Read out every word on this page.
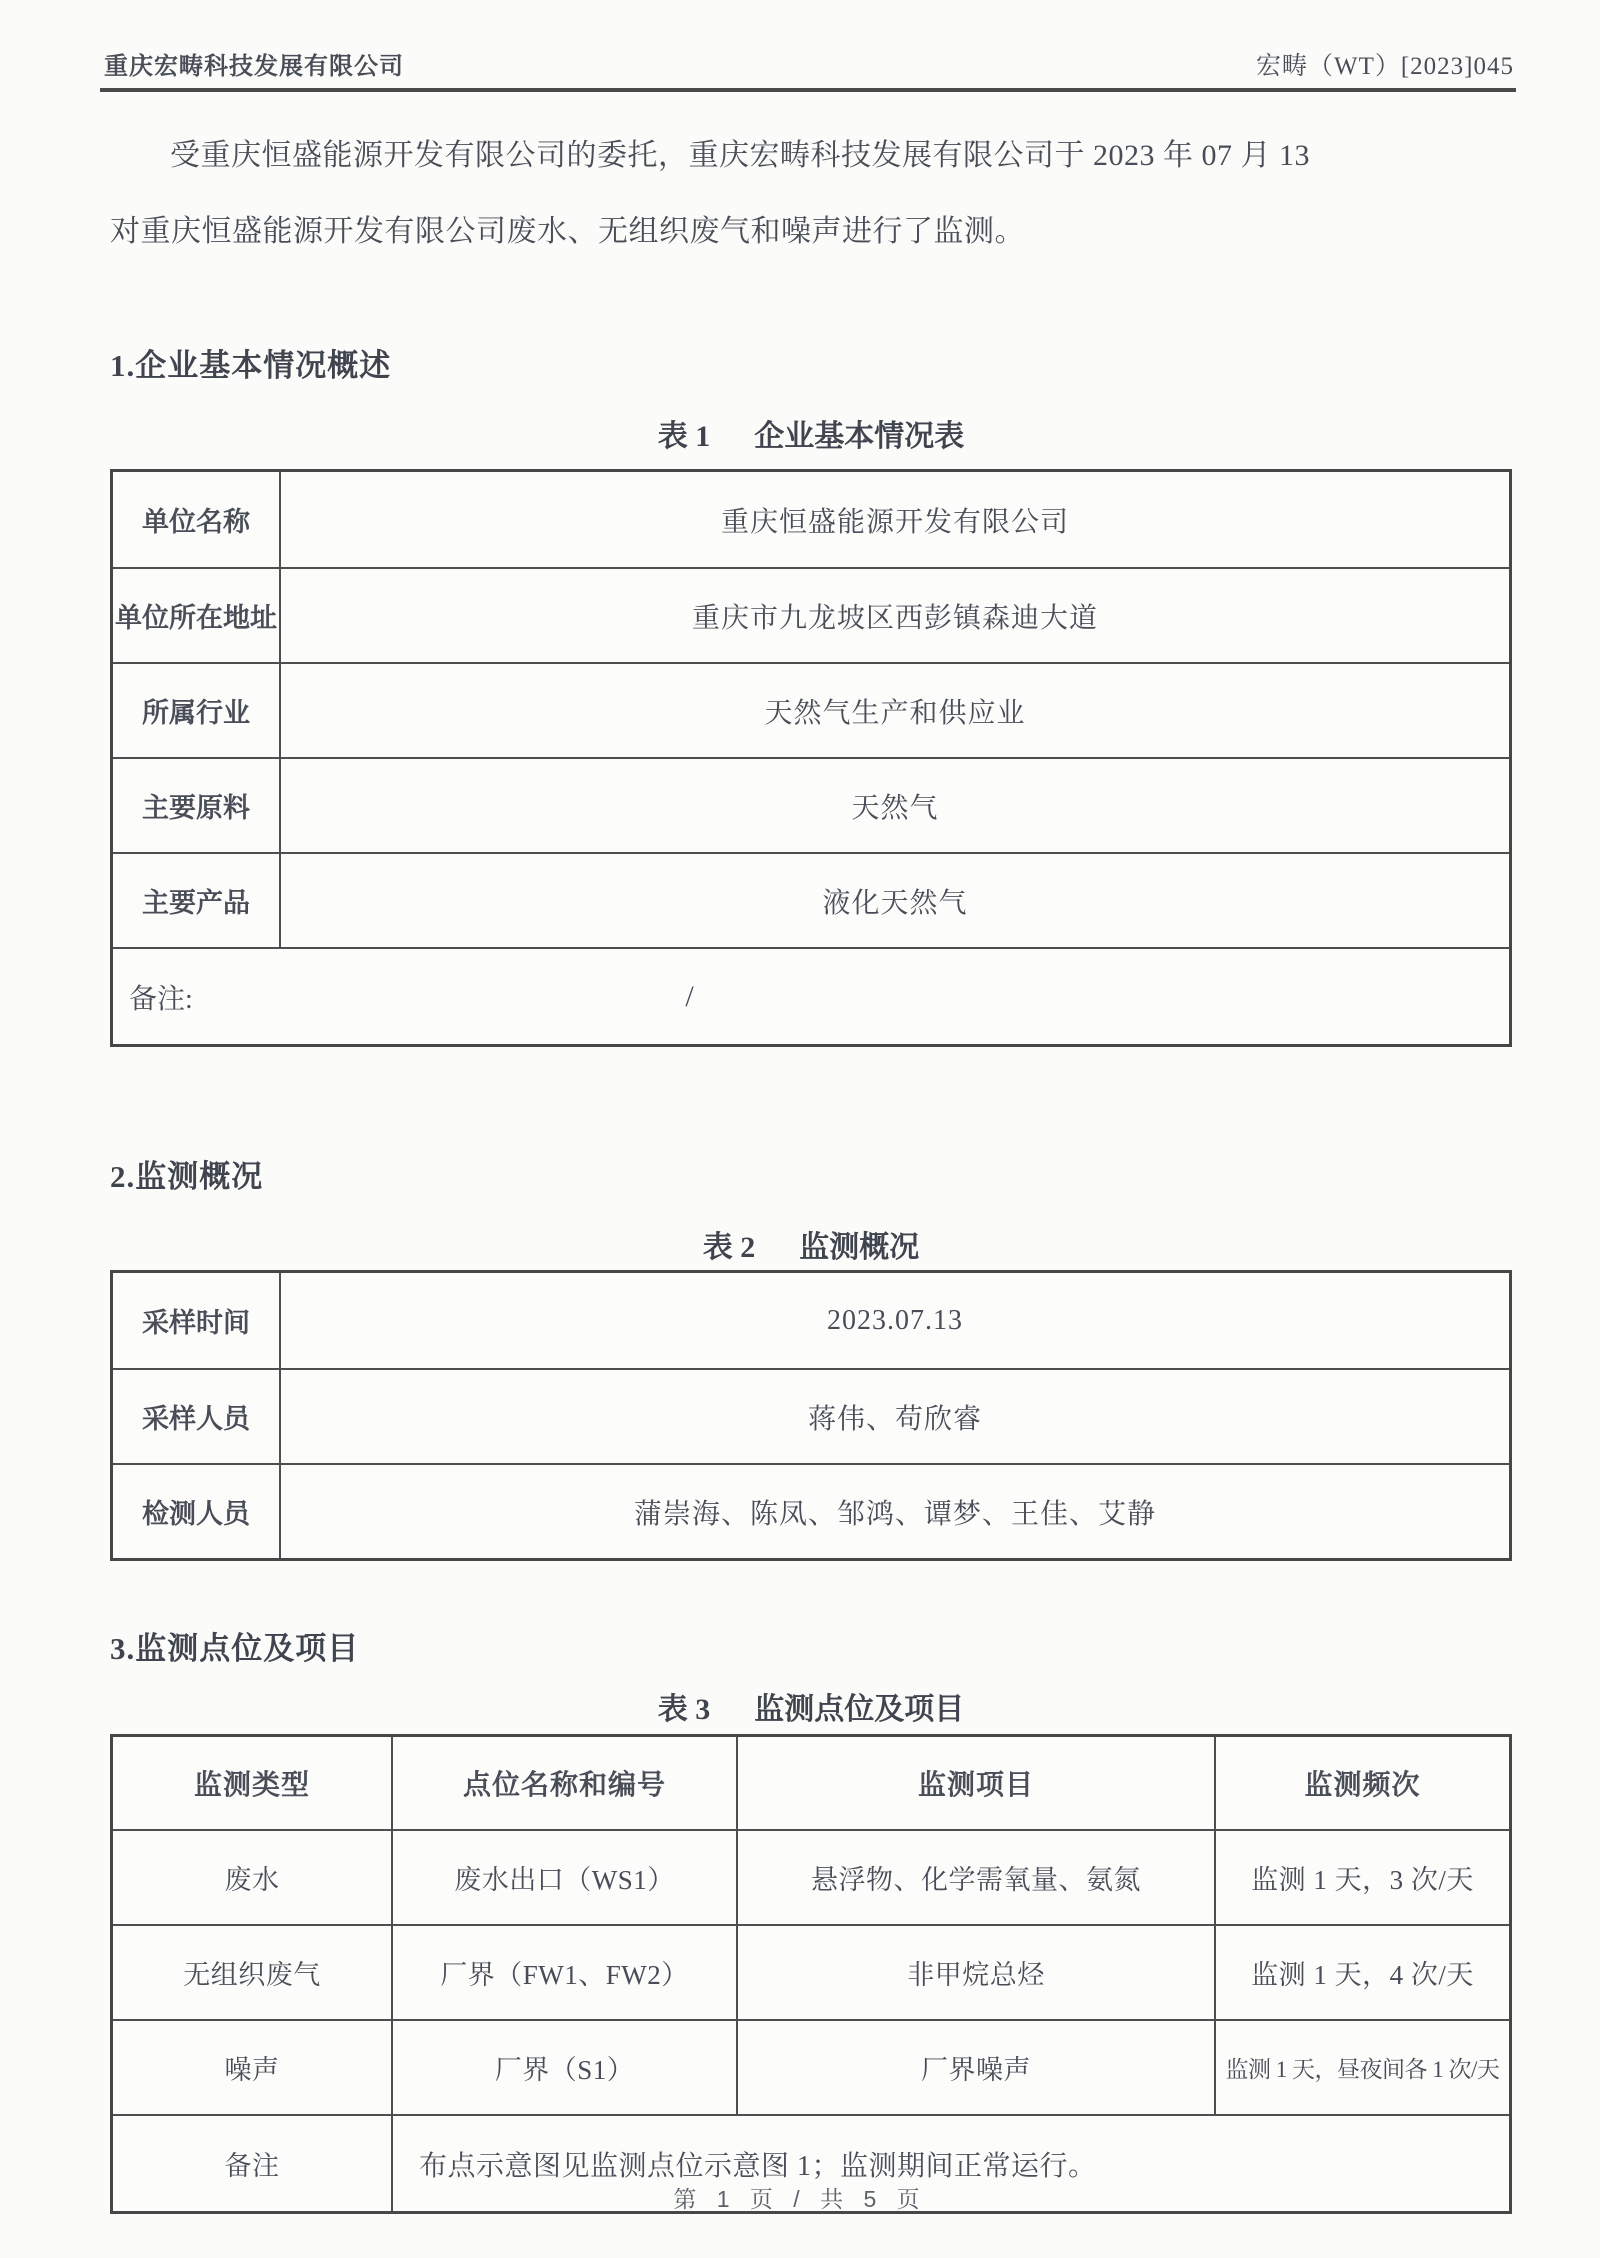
重庆宏畴科技发展有限公司	宏畴（WT）[2023]045
受重庆恒盛能源开发有限公司的委托，重庆宏畴科技发展有限公司于 2023 年 07 月 13
对重庆恒盛能源开发有限公司废水、无组织废气和噪声进行了监测。
1.企业基本情况概述
表 1 企业基本情况表
单位名称	重庆恒盛能源开发有限公司
单位所在地址	重庆市九龙坡区西彭镇森迪大道
所属行业	天然气生产和供应业
主要原料	天然气
主要产品	液化天然气
备注:	/
2.监测概况
表 2 监测概况
采样时间	2023.07.13
采样人员	蒋伟、苟欣睿
检测人员	蒲崇海、陈凤、邹鸿、谭梦、王佳、艾静
3.监测点位及项目
表 3 监测点位及项目
监测类型	点位名称和编号	监测项目	监测频次
废水	废水出口（WS1）	悬浮物、化学需氧量、氨氮	监测 1 天，3 次/天
无组织废气	厂界（FW1、FW2）	非甲烷总烃	监测 1 天，4 次/天
噪声	厂界（S1）	厂界噪声	监测 1 天，昼夜间各 1 次/天
备注	布点示意图见监测点位示意图 1；监测期间正常运行。
第 1 页 / 共 5 页
